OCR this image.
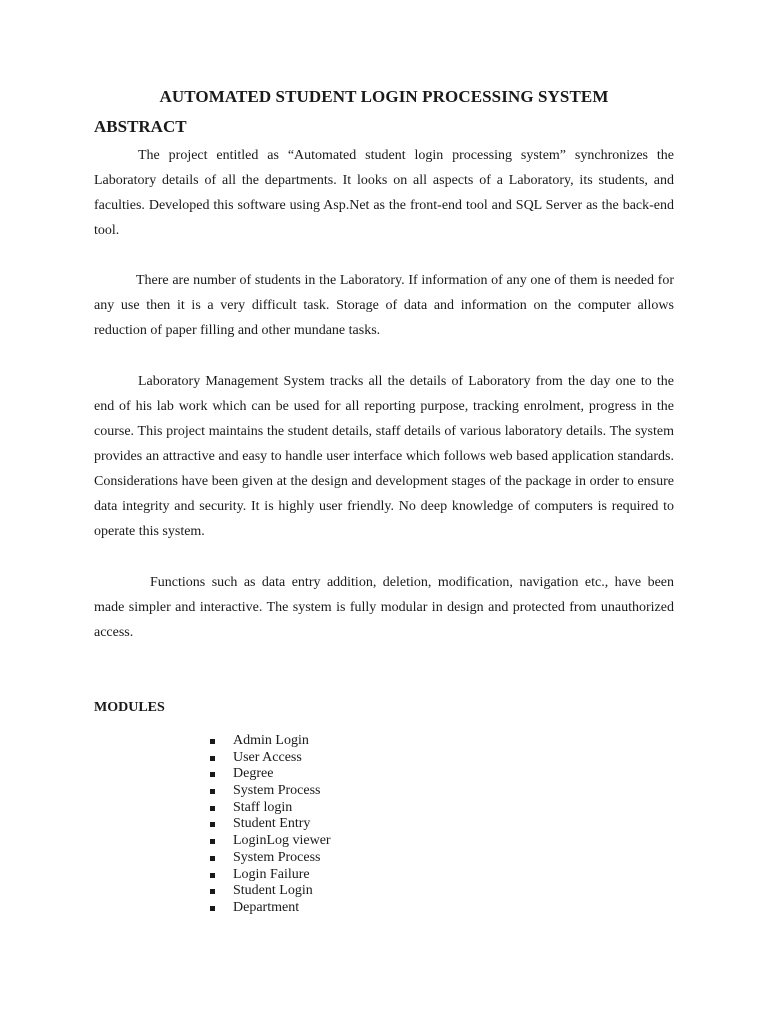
AUTOMATED STUDENT LOGIN PROCESSING SYSTEM
ABSTRACT

The project entitled as “Automated student login processing system” synchronizes the Laboratory details of all the departments. It looks on all aspects of a Laboratory, its students, and faculties. Developed this software using Asp.Net as the front-end tool and SQL Server as the back-end tool.

There are number of students in the Laboratory. If information of any one of them is needed for any use then it is a very difficult task. Storage of data and information on the computer allows reduction of paper filling and other mundane tasks.

Laboratory Management System tracks all the details of Laboratory from the day one to the end of his lab work which can be used for all reporting purpose, tracking enrolment, progress in the course. This project maintains the student details, staff details of various laboratory details. The system provides an attractive and easy to handle user interface which follows web based application standards. Considerations have been given at the design and development stages of the package in order to ensure data integrity and security. It is highly user friendly. No deep knowledge of computers is required to operate this system.

Functions such as data entry addition, deletion, modification, navigation etc., have been made simpler and interactive. The system is fully modular in design and protected from unauthorized access.

MODULES
Admin Login
User Access
Degree
System Process
Staff login
Student Entry
LoginLog viewer
System Process
Login Failure
Student Login
Department
